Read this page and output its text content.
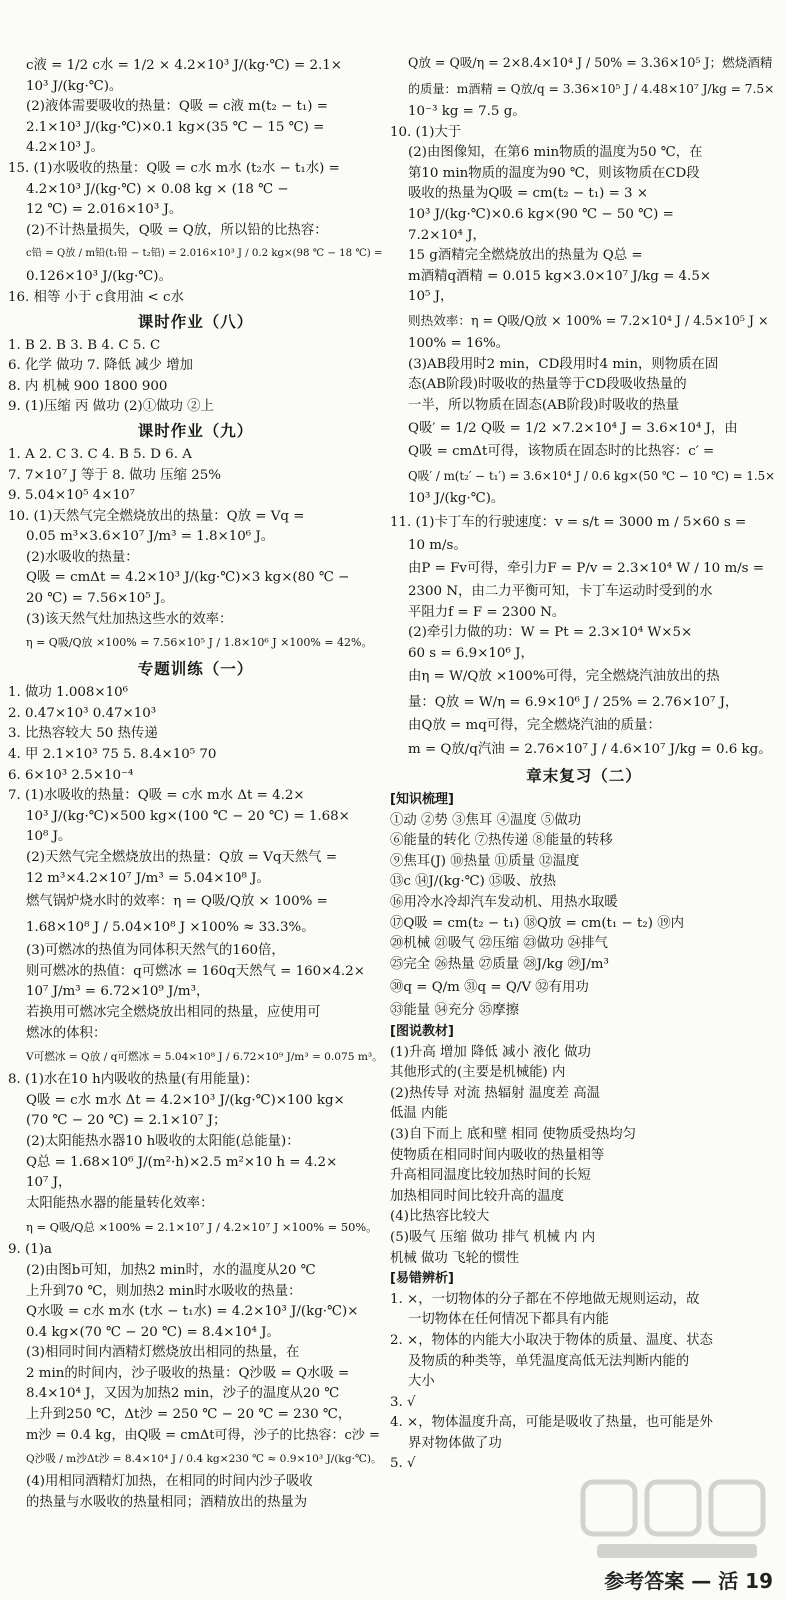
c液 = 1/2 c水 = 1/2 × 4.2×10³ J/(kg·℃) = 2.1×
10³ J/(kg·℃)。
(2)液体需要吸收的热量：Q吸 = c液 m(t₂ − t₁) =
2.1×10³ J/(kg·℃)×0.1 kg×(35 ℃ − 15 ℃) =
4.2×10³ J。
15. (1)水吸收的热量：Q吸 = c水 m水 (t₂水 − t₁水) =
4.2×10³ J/(kg·℃) × 0.08 kg × (18 ℃ −
12 ℃) = 2.016×10³ J。
(2)不计热量损失，Q吸 = Q放，所以铅的比热容：
c铅 = Q放 / m铅(t₁铅 − t₂铅) = 2.016×10³ J / 0.2 kg×(98 ℃ − 18 ℃) =
0.126×10³ J/(kg·℃)。
16. 相等 小于 c食用油 < c水
课时作业（八）
1. B 2. B 3. B 4. C 5. C
6. 化学 做功 7. 降低 减少 增加
8. 内 机械 900 1800 900
9. (1)压缩 丙 做功 (2)①做功 ②上
课时作业（九）
1. A 2. C 3. C 4. B 5. D 6. A
7. 7×10⁷ J 等于 8. 做功 压缩 25%
9. 5.04×10⁵ 4×10⁷
10. (1)天然气完全燃烧放出的热量：Q放 = Vq =
0.05 m³×3.6×10⁷ J/m³ = 1.8×10⁶ J。
(2)水吸收的热量：
Q吸 = cmΔt = 4.2×10³ J/(kg·℃)×3 kg×(80 ℃ −
20 ℃) = 7.56×10⁵ J。
(3)该天然气灶加热这些水的效率：
η = Q吸/Q放 ×100% = 7.56×10⁵ J / 1.8×10⁶ J ×100% = 42%。
专题训练（一）
1. 做功 1.008×10⁶
2. 0.47×10³ 0.47×10³
3. 比热容较大 50 热传递
4. 甲 2.1×10³ 75 5. 8.4×10⁵ 70
6. 6×10³ 2.5×10⁻⁴
7. (1)水吸收的热量：Q吸 = c水 m水 Δt = 4.2×
10³ J/(kg·℃)×500 kg×(100 ℃ − 20 ℃) = 1.68×
10⁸ J。
(2)天然气完全燃烧放出的热量：Q放 = Vq天然气 =
12 m³×4.2×10⁷ J/m³ = 5.04×10⁸ J。
燃气锅炉烧水时的效率：η = Q吸/Q放 × 100% =
1.68×10⁸ J / 5.04×10⁸ J ×100% ≈ 33.3%。
(3)可燃冰的热值为同体积天然气的160倍，
则可燃冰的热值：q可燃冰 = 160q天然气 = 160×4.2×
10⁷ J/m³ = 6.72×10⁹ J/m³，
若换用可燃冰完全燃烧放出相同的热量，应使用可
燃冰的体积：
V可燃冰 = Q放 / q可燃冰 = 5.04×10⁸ J / 6.72×10⁹ J/m³ = 0.075 m³。
8. (1)水在10 h内吸收的热量(有用能量)：
Q吸 = c水 m水 Δt = 4.2×10³ J/(kg·℃)×100 kg×
(70 ℃ − 20 ℃) = 2.1×10⁷ J；
(2)太阳能热水器10 h吸收的太阳能(总能量)：
Q总 = 1.68×10⁶ J/(m²·h)×2.5 m²×10 h = 4.2×
10⁷ J，
太阳能热水器的能量转化效率：
η = Q吸/Q总 ×100% = 2.1×10⁷ J / 4.2×10⁷ J ×100% = 50%。
9. (1)a
(2)由图b可知，加热2 min时，水的温度从20 ℃
上升到70 ℃，则加热2 min时水吸收的热量：
Q水吸 = c水 m水 (t水 − t₁水) = 4.2×10³ J/(kg·℃)×
0.4 kg×(70 ℃ − 20 ℃) = 8.4×10⁴ J。
(3)相同时间内酒精灯燃烧放出相同的热量，在
2 min的时间内，沙子吸收的热量：Q沙吸 = Q水吸 =
8.4×10⁴ J，又因为加热2 min，沙子的温度从20 ℃
上升到250 ℃，Δt沙 = 250 ℃ − 20 ℃ = 230 ℃，
m沙 = 0.4 kg，由Q吸 = cmΔt可得，沙子的比热容：c沙 =
Q沙吸 / m沙Δt沙 = 8.4×10⁴ J / 0.4 kg×230 ℃ ≈ 0.9×10³ J/(kg·℃)。
(4)用相同酒精灯加热，在相同的时间内沙子吸收
的热量与水吸收的热量相同；酒精放出的热量为
Q放 = Q吸/η = 2×8.4×10⁴ J / 50% = 3.36×10⁵ J；燃烧酒精
的质量：m酒精 = Q放/q = 3.36×10⁵ J / 4.48×10⁷ J/kg = 7.5×
10⁻³ kg = 7.5 g。
10. (1)大于
(2)由图像知，在第6 min物质的温度为50 ℃，在
第10 min物质的温度为90 ℃，则该物质在CD段
吸收的热量为Q吸 = cm(t₂ − t₁) = 3 ×
10³ J/(kg·℃)×0.6 kg×(90 ℃ − 50 ℃) =
7.2×10⁴ J，
15 g酒精完全燃烧放出的热量为 Q总 =
m酒精q酒精 = 0.015 kg×3.0×10⁷ J/kg = 4.5×
10⁵ J，
则热效率：η = Q吸/Q放 × 100% = 7.2×10⁴ J / 4.5×10⁵ J ×
100% = 16%。
(3)AB段用时2 min，CD段用时4 min，则物质在固
态(AB阶段)时吸收的热量等于CD段吸收热量的
一半，所以物质在固态(AB阶段)时吸收的热量
Q吸′ = 1/2 Q吸 = 1/2 ×7.2×10⁴ J = 3.6×10⁴ J，由
Q吸 = cmΔt可得，该物质在固态时的比热容：c′ =
Q吸′ / m(t₂′ − t₁′) = 3.6×10⁴ J / 0.6 kg×(50 ℃ − 10 ℃) = 1.5×
10³ J/(kg·℃)。
11. (1)卡丁车的行驶速度：v = s/t = 3000 m / 5×60 s =
10 m/s。
由P = Fv可得，牵引力F = P/v = 2.3×10⁴ W / 10 m/s =
2300 N，由二力平衡可知，卡丁车运动时受到的水
平阻力f = F = 2300 N。
(2)牵引力做的功：W = Pt = 2.3×10⁴ W×5×
60 s = 6.9×10⁶ J，
由η = W/Q放 ×100%可得，完全燃烧汽油放出的热
量：Q放 = W/η = 6.9×10⁶ J / 25% = 2.76×10⁷ J，
由Q放 = mq可得，完全燃烧汽油的质量：
m = Q放/q汽油 = 2.76×10⁷ J / 4.6×10⁷ J/kg = 0.6 kg。
章末复习（二）
[知识梳理]
①动 ②势 ③焦耳 ④温度 ⑤做功
⑥能量的转化 ⑦热传递 ⑧能量的转移
⑨焦耳(J) ⑩热量 ⑪质量 ⑫温度
⑬c ⑭J/(kg·℃) ⑮吸、放热
⑯用冷水冷却汽车发动机、用热水取暖
⑰Q吸 = cm(t₂ − t₁) ⑱Q放 = cm(t₁ − t₂) ⑲内
⑳机械 ㉑吸气 ㉒压缩 ㉓做功 ㉔排气
㉕完全 ㉖热量 ㉗质量 ㉘J/kg ㉙J/m³
㉚q = Q/m ㉛q = Q/V ㉜有用功
㉝能量 ㉞充分 ㉟摩擦
[图说教材]
(1)升高 增加 降低 减小 液化 做功
其他形式的(主要是机械能) 内
(2)热传导 对流 热辐射 温度差 高温
低温 内能
(3)自下而上 底和壁 相同 使物质受热均匀
使物质在相同时间内吸收的热量相等
升高相同温度比较加热时间的长短
加热相同时间比较升高的温度
(4)比热容比较大
(5)吸气 压缩 做功 排气 机械 内 内
机械 做功 飞轮的惯性
[易错辨析]
1. ×，一切物体的分子都在不停地做无规则运动，故
一切物体在任何情况下都具有内能
2. ×，物体的内能大小取决于物体的质量、温度、状态
及物质的种类等，单凭温度高低无法判断内能的
大小
3. √
4. ×，物体温度升高，可能是吸收了热量，也可能是外
界对物体做了功
5. √
参考答案 — 活 19
